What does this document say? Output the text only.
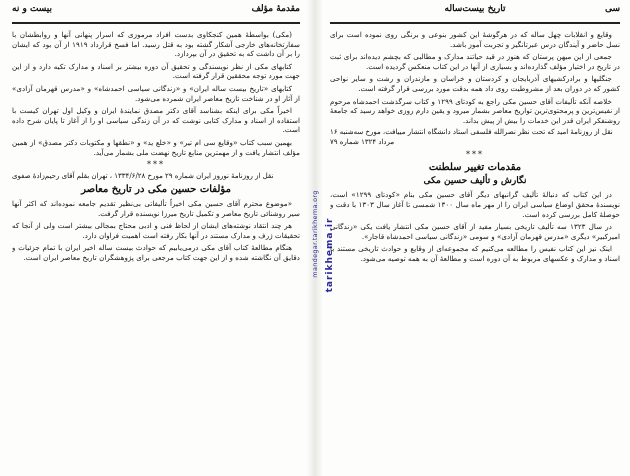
مقدمهٔ مؤلف
بیست و نه

(مکی) بواسطهٔ همین کنجکاوی بدست افراد مرموزی که اسرار پنهانی آنها و روابطشان با سفارتخانه‌های خارجی آشکار گشته بود به قتل رسید. اما فسخ قرارداد ۱۹۱۹ از آن بود که ایشان را بر آن داشت که به تحقیق در آن بپردازد.

کتابهای مکی از نظر نویسندگی و تحقیق آن دوره بیشتر بر اسناد و مدارک تکیه دارد و از این جهت مورد توجه محققین قرار گرفته است.

کتابهای «تاریخ بیست ساله ایران» و «زندگانی سیاسی احمدشاه» و «مدرس قهرمان آزادی» از آثار او در شناخت تاریخ معاصر ایران شمرده می‌شود.

اخیراً مکی برای اینکه بشناسد آقای دکتر مصدق نمایندهٔ ایران و وکیل اول تهران کیست با استفاده از اسناد و مدارک کتابی نوشت که در آن زندگی سیاسی او را از آغاز تا پایان شرح داده است.

بهمین سبب کتاب «وقایع سی ام تیر» و «خلع ید» و «نطقها و مکتوبات دکتر مصدق» از همین مؤلف انتشار یافت و از مهمترین منابع تاریخ نهضت ملی بشمار می‌آید.

***

نقل از روزنامهٔ نوروز ایران شماره ۲۹ مورخ ۱۳۳۴/۶/۲۸ ، تهران بقلم آقای رحیم‌زادهٔ صفوی

مؤلفات حسین مکی در تاریخ معاصر

«موضوع محترم آقای حسین مکی اخیراً تألیفاتی بی‌نظیر تقدیم جامعه نموده‌اند که اکثر آنها سیر روشنائی تاریخ معاصر و تکمیل تاریخ میرزا نویسنده قرار گرفت.

هر چند انتقاد نوشته‌های ایشان از لحاظ فنی و ادبی محتاج بمجالی بیشتر است ولی از آنجا که تحقیقات ژرف و مدارک مستند در آنها بکار رفته است اهمیت فراوان دارد.

هنگام مطالعهٔ کتاب آقای مکی درمی‌یابیم که حوادث بیست ساله اخیر ایران با تمام جزئیات و دقایق آن نگاشته شده و از این جهت کتاب مرجعی برای پژوهشگران تاریخ معاصر ایران است. mandegar.tarikhema.org tarikhema.ir
تاریخ بیست‌ساله	سی

وقایع و انقلابات چهل ساله که در هرگوشهٔ این کشور بنوعی و برنگی روی نموده است برای نسل حاضر و آیندگان درس عبرتانگیز و تجربت آموز باشد.

جمعی از این میهن پرستان که هنوز در قید حیاتند مدارک و مطالبی که بچشم دیده‌اند برای ثبت در تاریخ در اختیار مؤلف گذارده‌اند و بسیاری از آنها در این کتاب منعکس گردیده است.

جنگلیها و برادرکشیهای آذربایجان و کردستان و خراسان و مازندران و رشت و سایر نواحی کشور که در دوران بعد از مشروطیت روی داد همه بدقت مورد بررسی قرار گرفته است.

خلاصه آنکه تألیفات آقای حسین مکی راجع به کودتای ۱۲۹۹ و کتاب سرگذشت احمدشاه مرحوم از نفیس‌ترین و پرمحتوی‌ترین تواریخ معاصر بشمار میرود و یقین دارم روزی خواهد رسید که جامعهٔ روشنفکر ایران قدر این خدمات را بیش از پیش بداند.

نقل از روزنامهٔ امید که تحت نظر نصرالله فلسفی استاد دانشگاه انتشار مییافت، مورخ سه‌شنبه ۱۶ مرداد ۱۳۲۴ شماره ۷۹

***
مقدمات تغییر سلطنت
نگارش و تألیف حسین مکی

در این کتاب که دنبالهٔ تألیف گرانبهای دیگر آقای حسین مکی بنام «کودتای ۱۲۹۹» است، نویسندهٔ محقق اوضاع سیاسی ایران را از مهر ماه سال ۱۳۰۰ شمسی تا آغاز سال ۱۳۰۳ با دقت و حوصلهٔ کامل بررسی کرده است.

در سال ۱۳۲۳ سه تألیف تاریخی بسیار مفید از آقای حسین مکی انتشار یافت یکی «زندگانی امیرکبیر» دیگری «مدرس قهرمان آزادی» و سومی «زندگانی سیاسی احمدشاه قاجار».

اینک نیز این کتاب نفیس را مطالعه می‌کنیم که مجموعه‌ای از وقایع و حوادث تاریخی مستند با اسناد و مدارک و عکسهای مربوط به آن دوره است و مطالعهٔ آن به همه توصیه می‌شود.
